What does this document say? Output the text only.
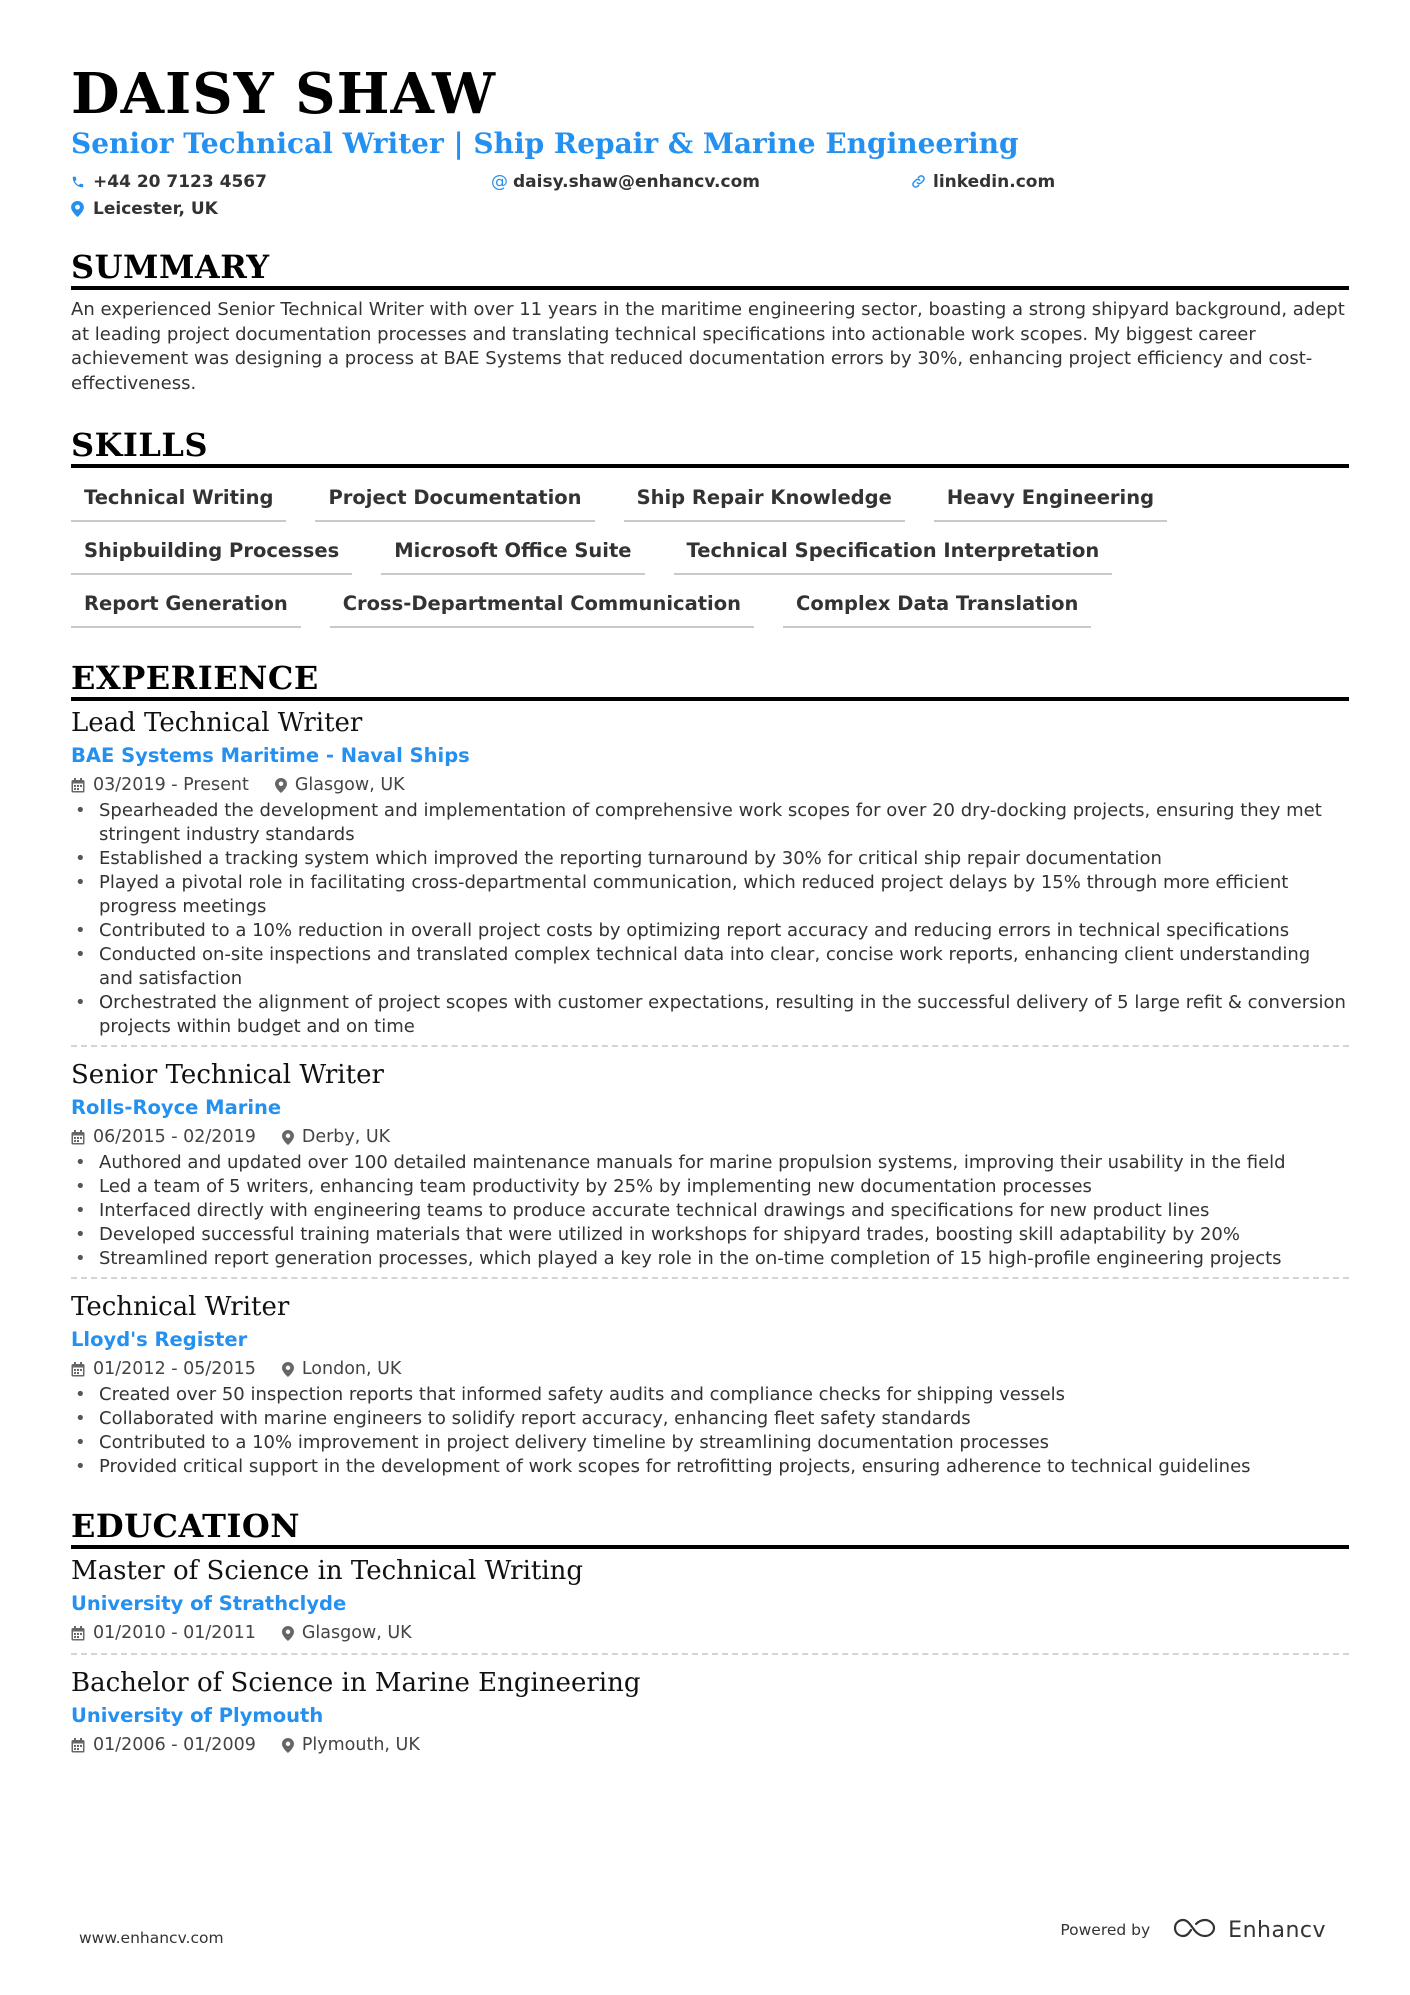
DAISY SHAW
Senior Technical Writer | Ship Repair & Marine Engineering
+44 20 7123 4567	@ daisy.shaw@enhancv.com	linkedin.com
Leicester, UK
SUMMARY
An experienced Senior Technical Writer with over 11 years in the maritime engineering sector, boasting a strong shipyard background, adept at leading project documentation processes and translating technical specifications into actionable work scopes. My biggest career achievement was designing a process at BAE Systems that reduced documentation errors by 30%, enhancing project efficiency and cost-effectiveness.
SKILLS
Technical Writing	Project Documentation	Ship Repair Knowledge	Heavy Engineering
Shipbuilding Processes	Microsoft Office Suite	Technical Specification Interpretation
Report Generation	Cross-Departmental Communication	Complex Data Translation
EXPERIENCE
Lead Technical Writer
BAE Systems Maritime - Naval Ships
03/2019 - Present	Glasgow, UK
• Spearheaded the development and implementation of comprehensive work scopes for over 20 dry-docking projects, ensuring they met stringent industry standards
• Established a tracking system which improved the reporting turnaround by 30% for critical ship repair documentation
• Played a pivotal role in facilitating cross-departmental communication, which reduced project delays by 15% through more efficient progress meetings
• Contributed to a 10% reduction in overall project costs by optimizing report accuracy and reducing errors in technical specifications
• Conducted on-site inspections and translated complex technical data into clear, concise work reports, enhancing client understanding and satisfaction
• Orchestrated the alignment of project scopes with customer expectations, resulting in the successful delivery of 5 large refit & conversion projects within budget and on time
Senior Technical Writer
Rolls-Royce Marine
06/2015 - 02/2019	Derby, UK
• Authored and updated over 100 detailed maintenance manuals for marine propulsion systems, improving their usability in the field
• Led a team of 5 writers, enhancing team productivity by 25% by implementing new documentation processes
• Interfaced directly with engineering teams to produce accurate technical drawings and specifications for new product lines
• Developed successful training materials that were utilized in workshops for shipyard trades, boosting skill adaptability by 20%
• Streamlined report generation processes, which played a key role in the on-time completion of 15 high-profile engineering projects
Technical Writer
Lloyd's Register
01/2012 - 05/2015	London, UK
• Created over 50 inspection reports that informed safety audits and compliance checks for shipping vessels
• Collaborated with marine engineers to solidify report accuracy, enhancing fleet safety standards
• Contributed to a 10% improvement in project delivery timeline by streamlining documentation processes
• Provided critical support in the development of work scopes for retrofitting projects, ensuring adherence to technical guidelines
EDUCATION
Master of Science in Technical Writing
University of Strathclyde
01/2010 - 01/2011	Glasgow, UK
Bachelor of Science in Marine Engineering
University of Plymouth
01/2006 - 01/2009	Plymouth, UK
www.enhancv.com	Powered by	Enhancv
